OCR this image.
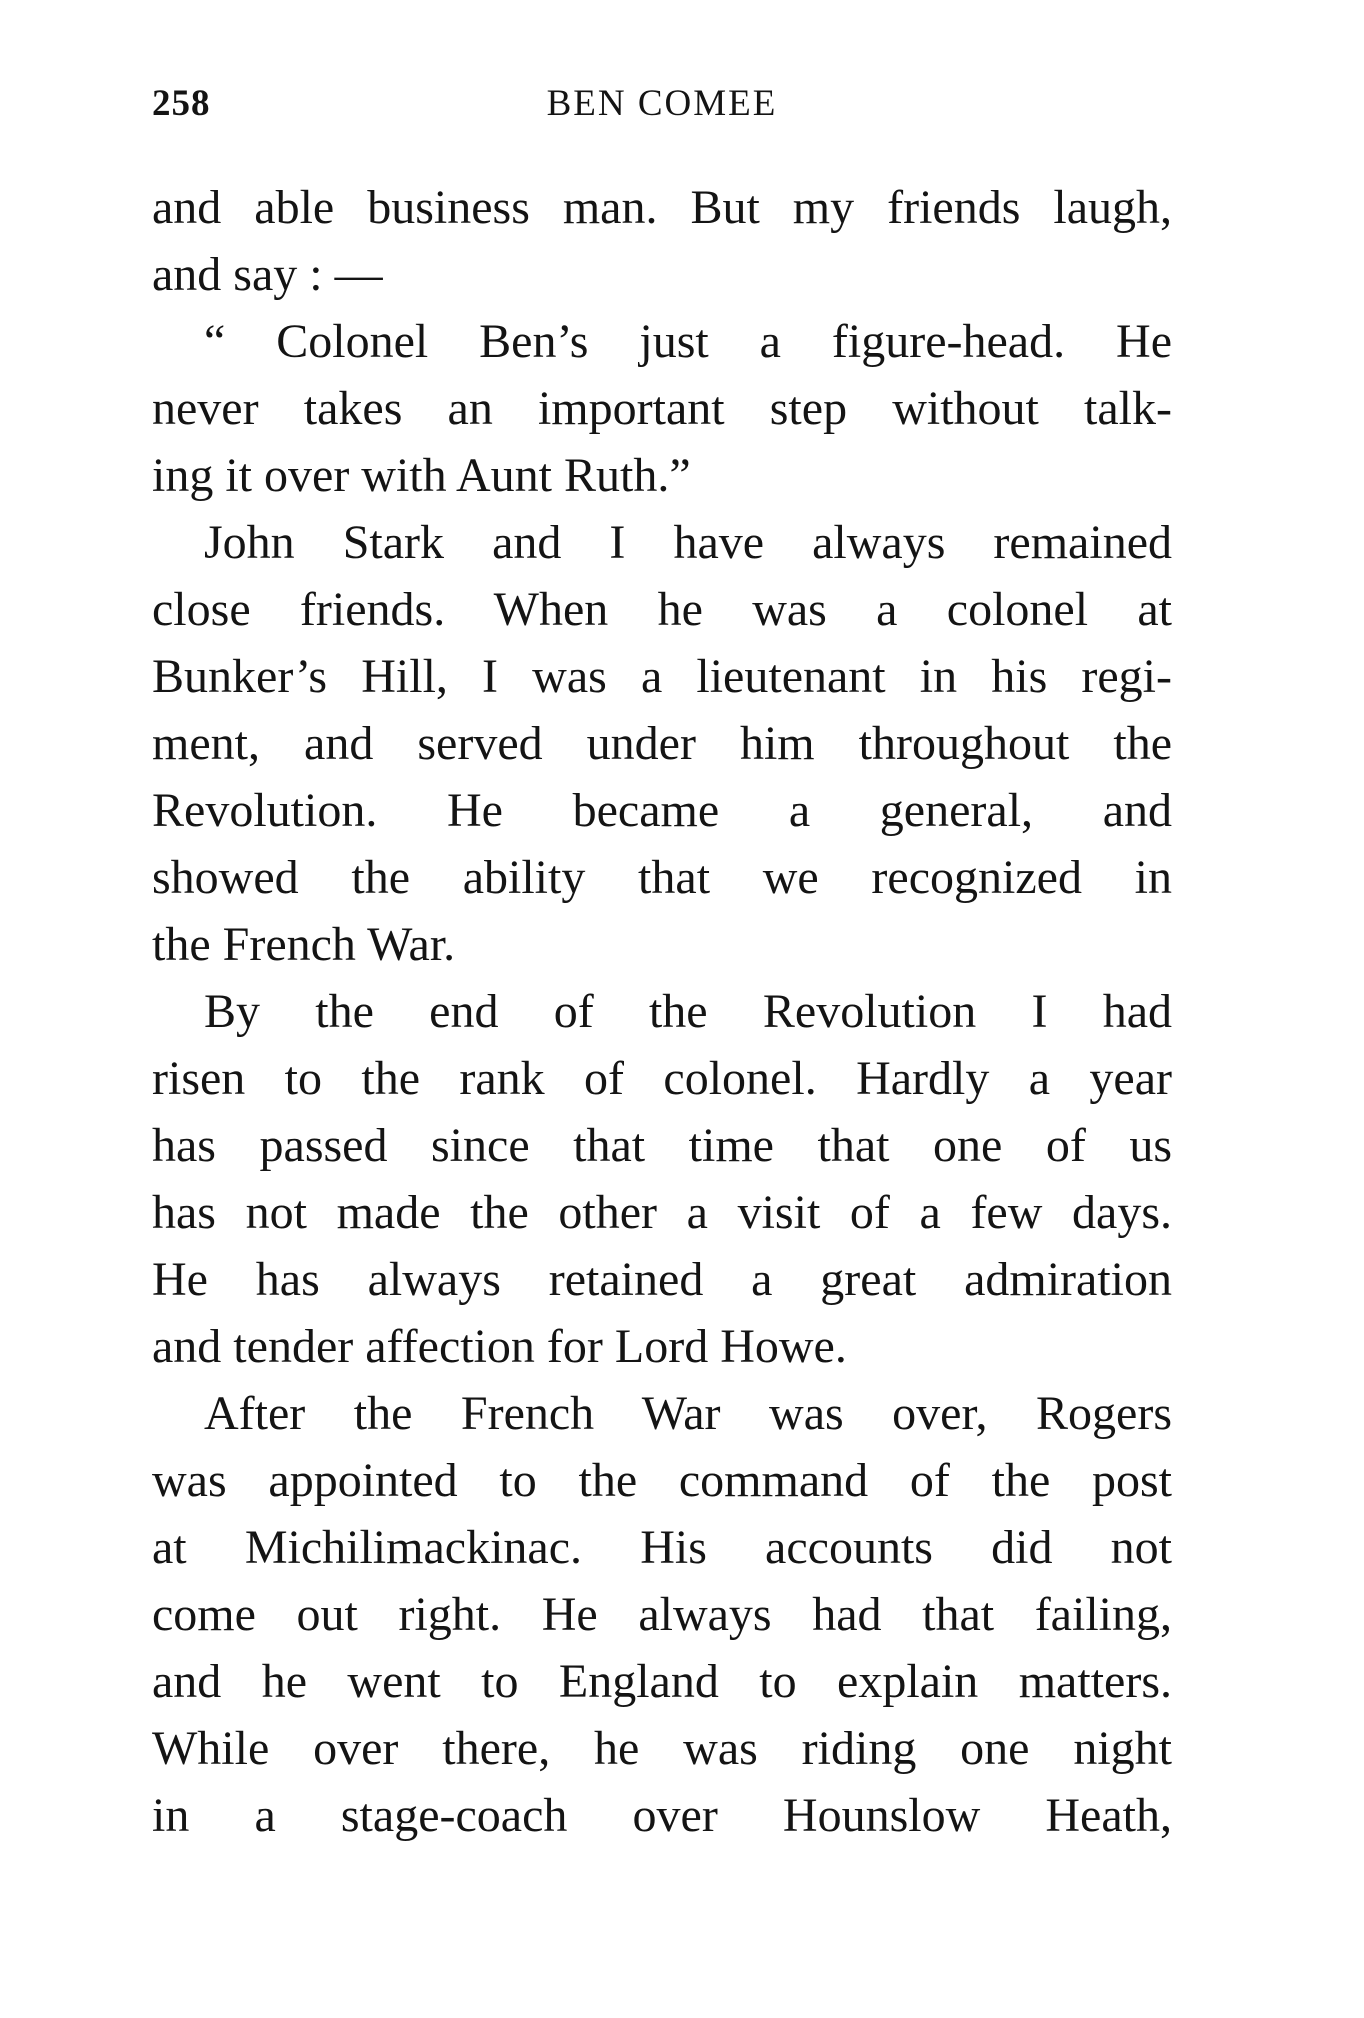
258	BEN COMEE
and able business man. But my friends laugh,
and say : —
“ Colonel Ben’s just a figure-head. He
never takes an important step without talk-
ing it over with Aunt Ruth.”
John Stark and I have always remained
close friends. When he was a colonel at
Bunker’s Hill, I was a lieutenant in his regi-
ment, and served under him throughout the
Revolution. He became a general, and
showed the ability that we recognized in
the French War.
By the end of the Revolution I had
risen to the rank of colonel. Hardly a year
has passed since that time that one of us
has not made the other a visit of a few days.
He has always retained a great admiration
and tender affection for Lord Howe.
After the French War was over, Rogers
was appointed to the command of the post
at Michilimackinac. His accounts did not
come out right. He always had that failing,
and he went to England to explain matters.
While over there, he was riding one night
in a stage-coach over Hounslow Heath,
